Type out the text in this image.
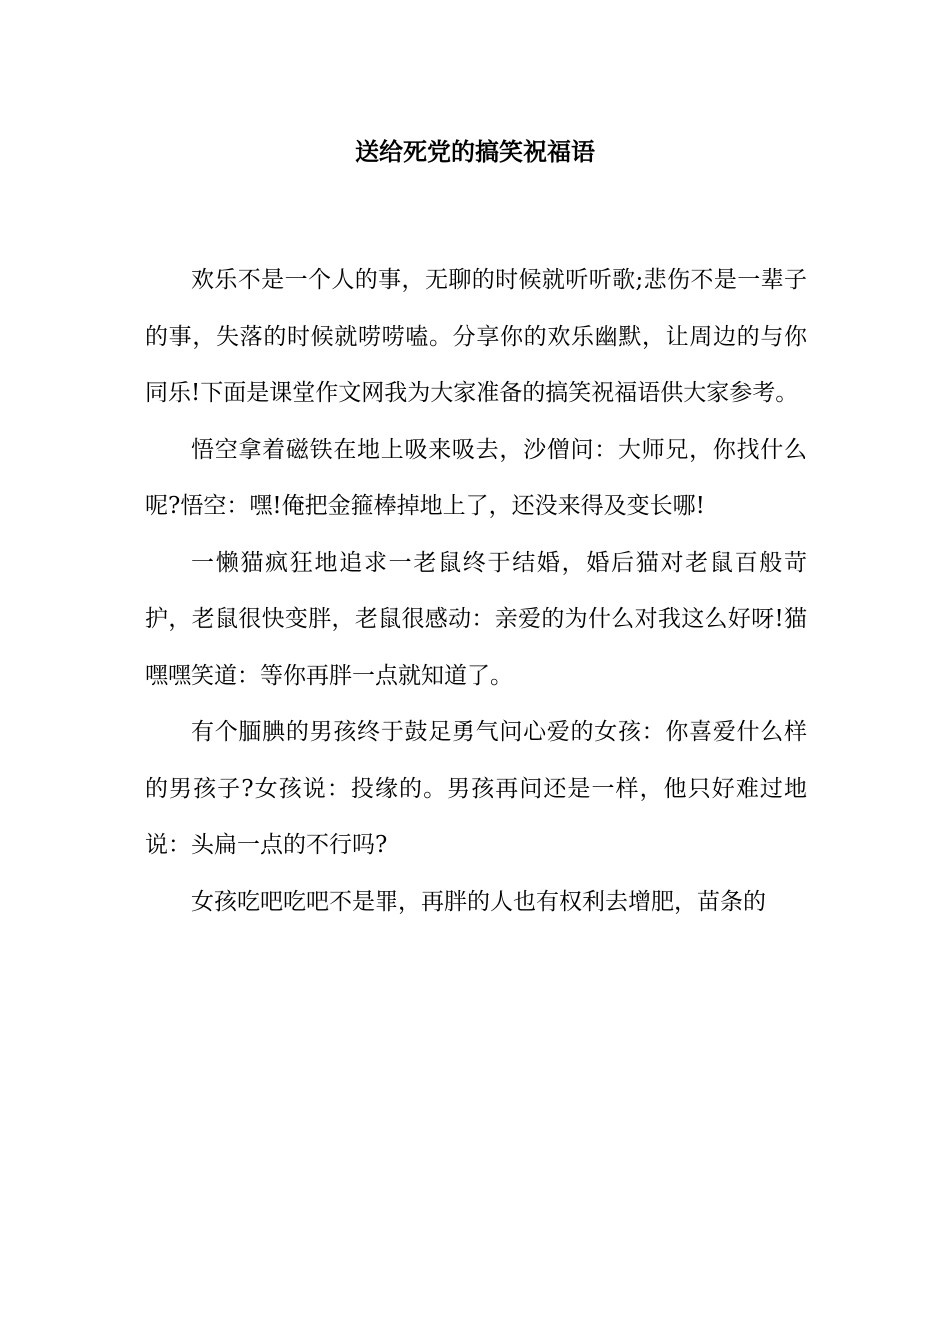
送给死党的搞笑祝福语

欢乐不是一个人的事，无聊的时候就听听歌;悲伤不是一辈子的事，失落的时候就唠唠嗑。分享你的欢乐幽默，让周边的与你同乐!下面是课堂作文网我为大家准备的搞笑祝福语供大家参考。

悟空拿着磁铁在地上吸来吸去，沙僧问：大师兄，你找什么呢?悟空：嘿!俺把金箍棒掉地上了，还没来得及变长哪!

一懒猫疯狂地追求一老鼠终于结婚，婚后猫对老鼠百般苛护，老鼠很快变胖，老鼠很感动：亲爱的为什么对我这么好呀!猫嘿嘿笑道：等你再胖一点就知道了。

有个腼腆的男孩终于鼓足勇气问心爱的女孩：你喜爱什么样的男孩子?女孩说：投缘的。男孩再问还是一样，他只好难过地说：头扁一点的不行吗?

女孩吃吧吃吧不是罪，再胖的人也有权利去增肥，苗条的
